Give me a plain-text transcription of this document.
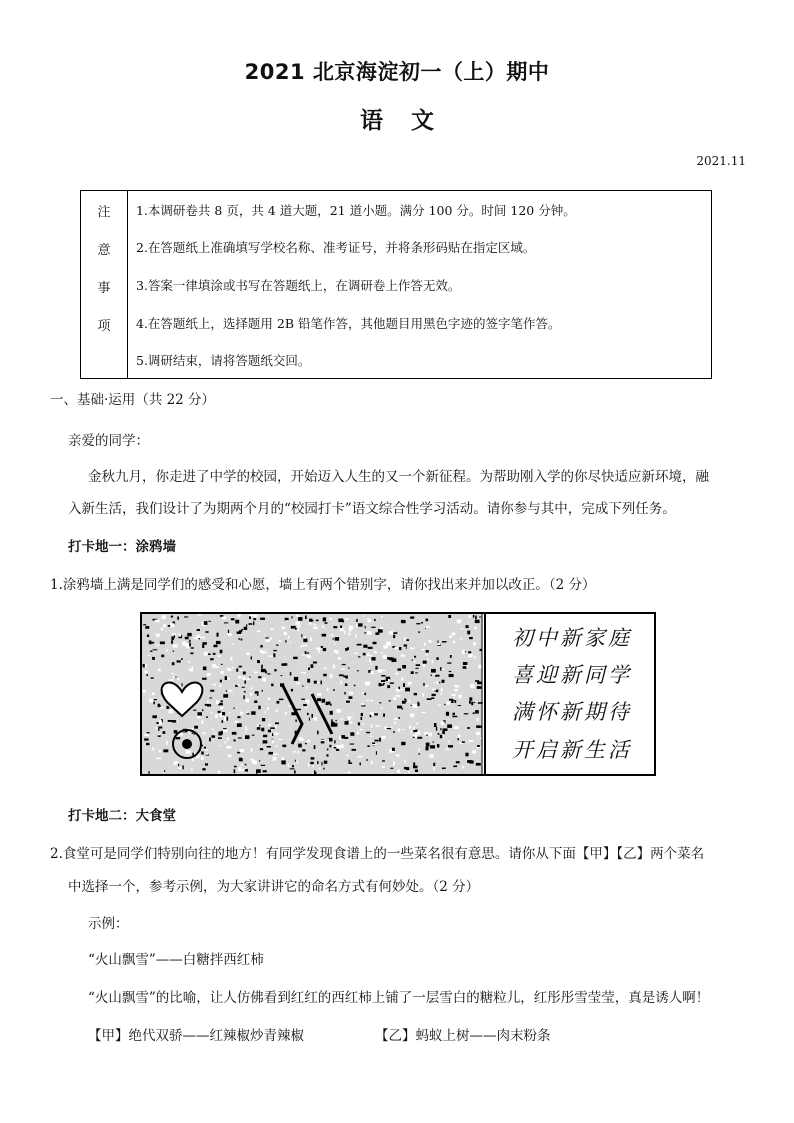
2021 北京海淀初一（上）期中
语文
2021.11
注
意
事
项
1.本调研卷共 8 页，共 4 道大题，21 道小题。满分 100 分。时间 120 分钟。
2.在答题纸上准确填写学校名称、准考证号，并将条形码贴在指定区域。
3.答案一律填涂或书写在答题纸上，在调研卷上作答无效。
4.在答题纸上，选择题用 2B 铅笔作答，其他题目用黑色字迹的签字笔作答。
5.调研结束，请将答题纸交回。
一、基础·运用（共 22 分）
亲爱的同学：
金秋九月，你走进了中学的校园，开始迈入人生的又一个新征程。为帮助刚入学的你尽快适应新环境，融
入新生活，我们设计了为期两个月的“校园打卡”语文综合性学习活动。请你参与其中，完成下列任务。
打卡地一：涂鸦墙
1.涂鸦墙上满是同学们的感受和心愿，墙上有两个错别字，请你找出来并加以改正。（2 分）
初中新家庭
喜迎新同学
满怀新期待
开启新生活
打卡地二：大食堂
2.食堂可是同学们特别向往的地方！有同学发现食谱上的一些菜名很有意思。请你从下面【甲】【乙】两个菜名
中选择一个，参考示例，为大家讲讲它的命名方式有何妙处。（2 分）
示例：
“火山飘雪”——白糖拌西红柿
“火山飘雪”的比喻，让人仿佛看到红红的西红柿上铺了一层雪白的糖粒儿，红彤彤雪莹莹，真是诱人啊！
【甲】绝代双骄——红辣椒炒青辣椒	【乙】蚂蚁上树——肉末粉条
